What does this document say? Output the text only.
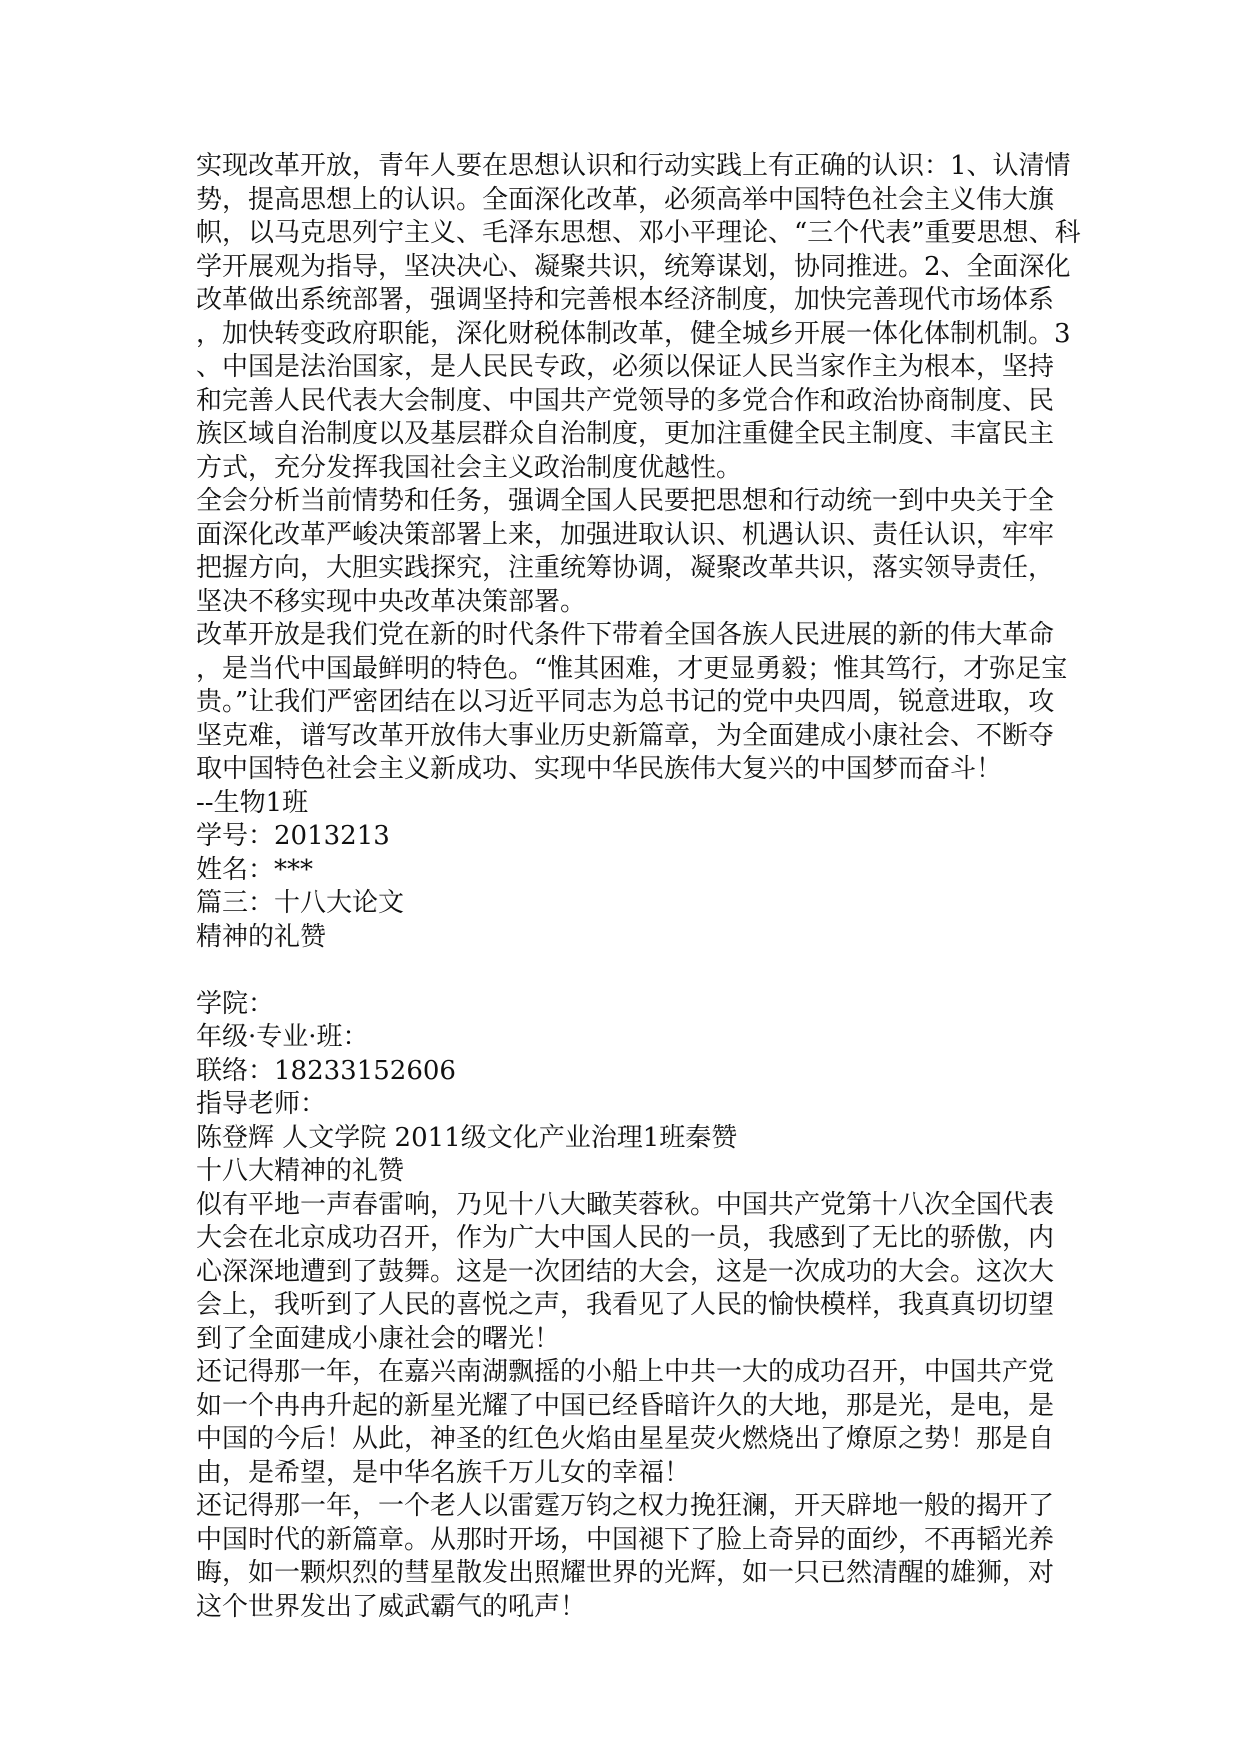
实现改革开放，青年人要在思想认识和行动实践上有正确的认识：1、认清情
势，提高思想上的认识。全面深化改革，必须高举中国特色社会主义伟大旗
帜，以马克思列宁主义、毛泽东思想、邓小平理论、“三个代表”重要思想、科
学开展观为指导，坚决决心、凝聚共识，统筹谋划，协同推进。2、全面深化
改革做出系统部署，强调坚持和完善根本经济制度，加快完善现代市场体系
，加快转变政府职能，深化财税体制改革，健全城乡开展一体化体制机制。3
、中国是法治国家，是人民民专政，必须以保证人民当家作主为根本，坚持
和完善人民代表大会制度、中国共产党领导的多党合作和政治协商制度、民
族区域自治制度以及基层群众自治制度，更加注重健全民主制度、丰富民主
方式，充分发挥我国社会主义政治制度优越性。
全会分析当前情势和任务，强调全国人民要把思想和行动统一到中央关于全
面深化改革严峻决策部署上来，加强进取认识、机遇认识、责任认识，牢牢
把握方向，大胆实践探究，注重统筹协调，凝聚改革共识，落实领导责任，
坚决不移实现中央改革决策部署。
改革开放是我们党在新的时代条件下带着全国各族人民进展的新的伟大革命
，是当代中国最鲜明的特色。“惟其困难，才更显勇毅；惟其笃行，才弥足宝
贵。”让我们严密团结在以习近平同志为总书记的党中央四周，锐意进取，攻
坚克难，谱写改革开放伟大事业历史新篇章，为全面建成小康社会、不断夺
取中国特色社会主义新成功、实现中华民族伟大复兴的中国梦而奋斗！
--生物1班
学号：2013213
姓名：***
篇三：十八大论文
精神的礼赞
学院：
年级·专业·班：
联络：18233152606
指导老师：
陈登辉 人文学院 2011级文化产业治理1班秦赞
十八大精神的礼赞
似有平地一声春雷响，乃见十八大瞰芙蓉秋。中国共产党第十八次全国代表
大会在北京成功召开，作为广大中国人民的一员，我感到了无比的骄傲，内
心深深地遭到了鼓舞。这是一次团结的大会，这是一次成功的大会。这次大
会上，我听到了人民的喜悦之声，我看见了人民的愉快模样，我真真切切望
到了全面建成小康社会的曙光！
还记得那一年，在嘉兴南湖飘摇的小船上中共一大的成功召开，中国共产党
如一个冉冉升起的新星光耀了中国已经昏暗许久的大地，那是光，是电，是
中国的今后！从此，神圣的红色火焰由星星荧火燃烧出了燎原之势！那是自
由，是希望，是中华名族千万儿女的幸福！
还记得那一年，一个老人以雷霆万钧之权力挽狂澜，开天辟地一般的揭开了
中国时代的新篇章。从那时开场，中国褪下了脸上奇异的面纱，不再韬光养
晦，如一颗炽烈的彗星散发出照耀世界的光辉，如一只已然清醒的雄狮，对
这个世界发出了威武霸气的吼声！
